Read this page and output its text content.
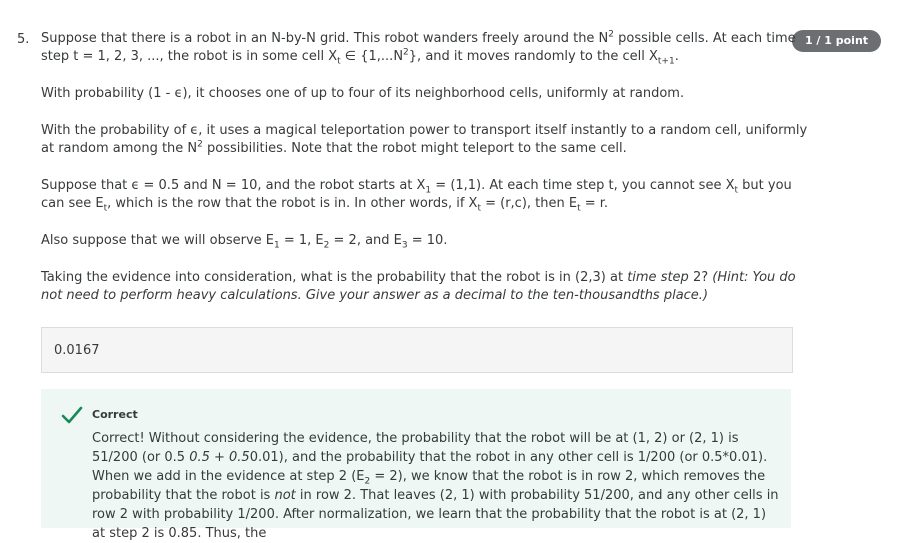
5.	1 / 1 point

Suppose that there is a robot in an N-by-N grid. This robot wanders freely around the $N^2$ possible cells. At each time step t = 1, 2, 3, ..., the robot is in some cell $X_t$ ∈ $\{1,...N^2\}$, and it moves randomly to the cell $X_{t+1}$.

With probability (1 - ϵ), it chooses one of up to four of its neighborhood cells, uniformly at random.

With the probability of ϵ, it uses a magical teleportation power to transport itself instantly to a random cell, uniformly at random among the $N^2$ possibilities. Note that the robot might teleport to the same cell.

Suppose that ϵ = 0.5 and N = 10, and the robot starts at $X_1 = (1,1)$. At each time step t, you cannot see $X_t$ but you can see $E_t$, which is the row that the robot is in. In other words, if $X_t = (r,c)$, then $E_t = r$.

Also suppose that we will observe $E_1 = 1$, $E_2 = 2$, and $E_3 = 10$.

Taking the evidence into consideration, what is the probability that the robot is in (2,3) at time step 2? (Hint: You do not need to perform heavy calculations. Give your answer as a decimal to the ten-thousandths place.)

0.0167
Correct
Correct! Without considering the evidence, the probability that the robot will be at (1, 2) or (2, 1) is 51/200 (or 0.5 0.5 + 0.50.01), and the probability that the robot in any other cell is 1/200 (or 0.5*0.01). When we add in the evidence at step 2 $(E_2 = 2)$, we know that the robot is in row 2, which removes the probability that the robot is not in row 2. That leaves (2, 1) with probability 51/200, and any other cells in row 2 with probability 1/200. After normalization, we learn that the probability that the robot is at (2, 1) at step 2 is 0.85. Thus, the
